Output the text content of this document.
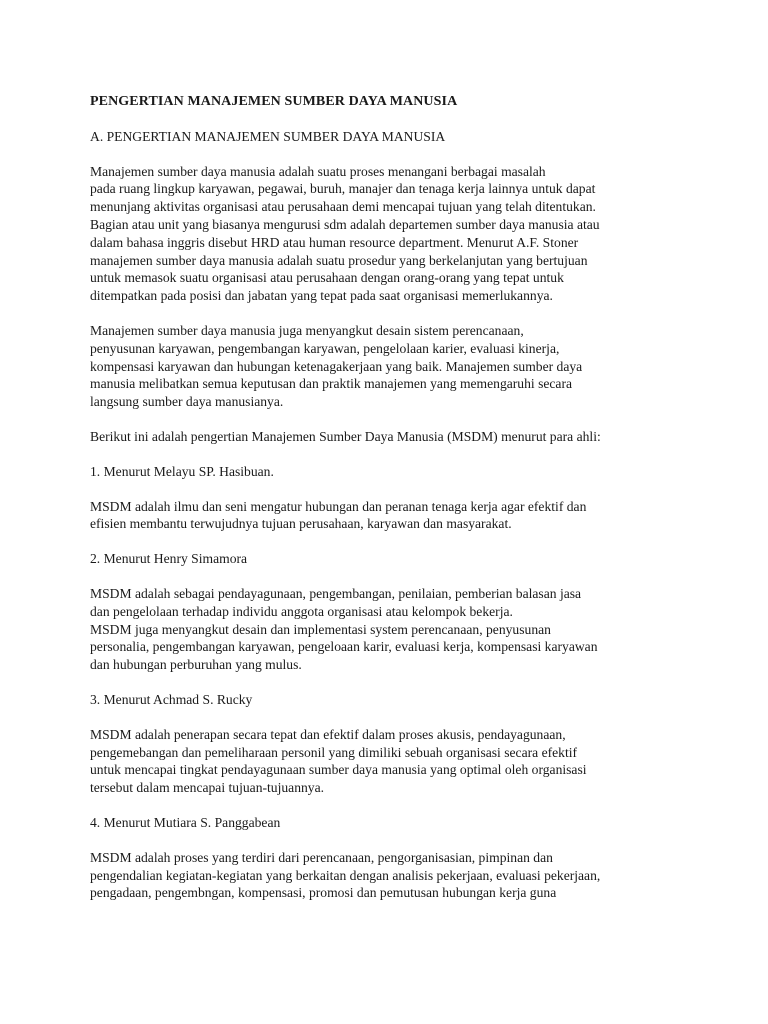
PENGERTIAN MANAJEMEN SUMBER DAYA MANUSIA
A. PENGERTIAN MANAJEMEN SUMBER DAYA MANUSIA
Manajemen sumber daya manusia adalah suatu proses menangani berbagai masalah
pada ruang lingkup karyawan, pegawai, buruh, manajer dan tenaga kerja lainnya untuk dapat
menunjang aktivitas organisasi atau perusahaan demi mencapai tujuan yang telah ditentukan.
Bagian atau unit yang biasanya mengurusi sdm adalah departemen sumber daya manusia atau
dalam bahasa inggris disebut HRD atau human resource department. Menurut A.F. Stoner
manajemen sumber daya manusia adalah suatu prosedur yang berkelanjutan yang bertujuan
untuk memasok suatu organisasi atau perusahaan dengan orang-orang yang tepat untuk
ditempatkan pada posisi dan jabatan yang tepat pada saat organisasi memerlukannya.
Manajemen sumber daya manusia juga menyangkut desain sistem perencanaan,
penyusunan karyawan, pengembangan karyawan, pengelolaan karier, evaluasi kinerja,
kompensasi karyawan dan hubungan ketenagakerjaan yang baik. Manajemen sumber daya
manusia melibatkan semua keputusan dan praktik manajemen yang memengaruhi secara
langsung sumber daya manusianya.
Berikut ini adalah pengertian Manajemen Sumber Daya Manusia (MSDM) menurut para ahli:
1. Menurut Melayu SP. Hasibuan.
MSDM adalah ilmu dan seni mengatur hubungan dan peranan tenaga kerja agar efektif dan
efisien membantu terwujudnya tujuan perusahaan, karyawan dan masyarakat.
2. Menurut Henry Simamora
MSDM adalah sebagai pendayagunaan, pengembangan, penilaian, pemberian balasan jasa
dan pengelolaan terhadap individu anggota organisasi atau kelompok bekerja.
MSDM juga menyangkut desain dan implementasi system perencanaan, penyusunan
personalia, pengembangan karyawan, pengeloaan karir, evaluasi kerja, kompensasi karyawan
dan hubungan perburuhan yang mulus.
3. Menurut Achmad S. Rucky
MSDM adalah penerapan secara tepat dan efektif dalam proses akusis, pendayagunaan,
pengemebangan dan pemeliharaan personil yang dimiliki sebuah organisasi secara efektif
untuk mencapai tingkat pendayagunaan sumber daya manusia yang optimal oleh organisasi
tersebut dalam mencapai tujuan-tujuannya.
4. Menurut Mutiara S. Panggabean
MSDM adalah proses yang terdiri dari perencanaan, pengorganisasian, pimpinan dan
pengendalian kegiatan-kegiatan yang berkaitan dengan analisis pekerjaan, evaluasi pekerjaan,
pengadaan, pengembngan, kompensasi, promosi dan pemutusan hubungan kerja guna
